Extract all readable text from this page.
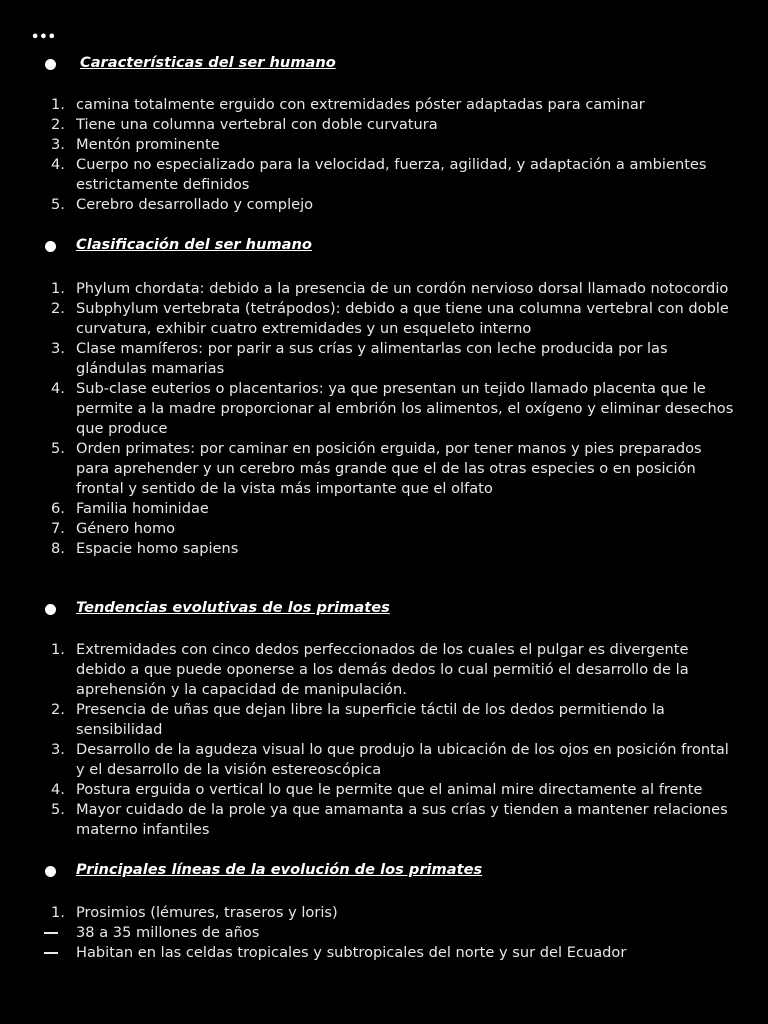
•••
Características del ser humano
1. camina totalmente erguido con extremidades póster adaptadas para caminar
2. Tiene una columna vertebral con doble curvatura
3. Mentón prominente
4. Cuerpo no especializado para la velocidad, fuerza, agilidad, y adaptación a ambientes estrictamente definidos
5. Cerebro desarrollado y complejo
Clasificación del ser humano
1. Phylum chordata: debido a la presencia de un cordón nervioso dorsal llamado notocordio
2. Subphylum vertebrata (tetrápodos): debido a que tiene una columna vertebral con doble curvatura, exhibir cuatro extremidades y un esqueleto interno
3. Clase mamíferos: por parir a sus crías y alimentarlas con leche producida por las glándulas mamarias
4. Sub-clase euterios o placentarios: ya que presentan un tejido llamado placenta que le permite a la madre proporcionar al embrión los alimentos, el oxígeno y eliminar desechos que produce
5. Orden primates: por caminar en posición erguida, por tener manos y pies preparados para aprehender y un cerebro más grande que el de las otras especies o en posición frontal y sentido de la vista más importante que el olfato
6. Familia hominidae
7. Género homo
8. Espacie homo sapiens
Tendencias evolutivas de los primates
1. Extremidades con cinco dedos perfeccionados de los cuales el pulgar es divergente debido a que puede oponerse a los demás dedos lo cual permitió el desarrollo de la aprehensión y la capacidad de manipulación.
2. Presencia de uñas que dejan libre la superficie táctil de los dedos permitiendo la sensibilidad
3. Desarrollo de la agudeza visual lo que produjo la ubicación de los ojos en posición frontal y el desarrollo de la visión estereoscópica
4. Postura erguida o vertical lo que le permite que el animal mire directamente al frente
5. Mayor cuidado de la prole ya que amamanta a sus crías y tienden a mantener relaciones materno infantiles
Principales líneas de la evolución de los primates
1. Prosimios (lémures, traseros y loris)
38 a 35 millones de años
Habitan en las celdas tropicales y subtropicales del norte y sur del Ecuador
